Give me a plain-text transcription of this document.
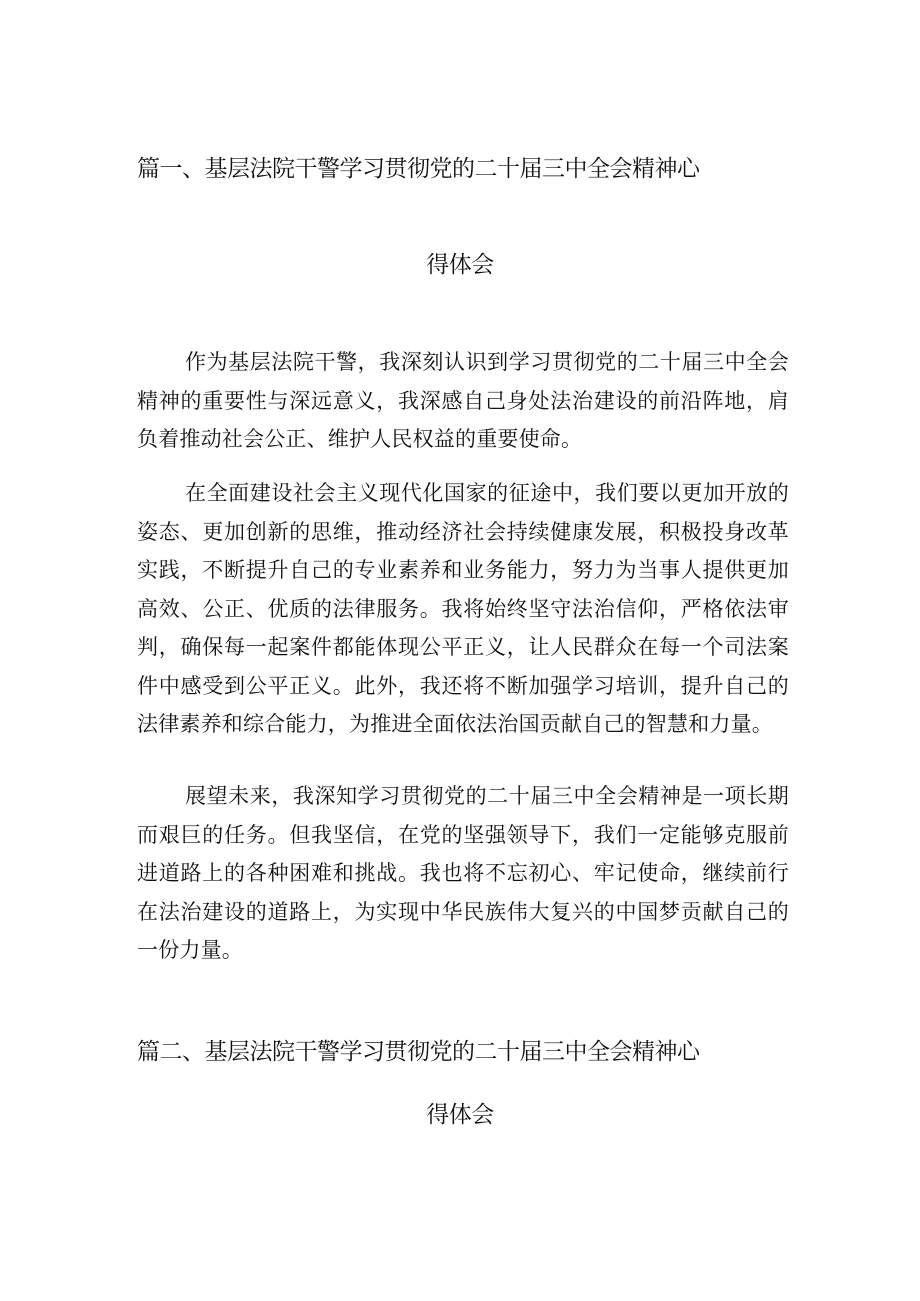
篇一、基层法院干警学习贯彻党的二十届三中全会精神心
得体会

作为基层法院干警，我深刻认识到学习贯彻党的二十届三中全会精神的重要性与深远意义，我深感自己身处法治建设的前沿阵地，肩负着推动社会公正、维护人民权益的重要使命。

在全面建设社会主义现代化国家的征途中，我们要以更加开放的姿态、更加创新的思维，推动经济社会持续健康发展，积极投身改革实践，不断提升自己的专业素养和业务能力，努力为当事人提供更加高效、公正、优质的法律服务。我将始终坚守法治信仰，严格依法审判，确保每一起案件都能体现公平正义，让人民群众在每一个司法案件中感受到公平正义。此外，我还将不断加强学习培训，提升自己的法律素养和综合能力，为推进全面依法治国贡献自己的智慧和力量。

展望未来，我深知学习贯彻党的二十届三中全会精神是一项长期而艰巨的任务。但我坚信，在党的坚强领导下，我们一定能够克服前进道路上的各种困难和挑战。我也将不忘初心、牢记使命，继续前行在法治建设的道路上，为实现中华民族伟大复兴的中国梦贡献自己的一份力量。

篇二、基层法院干警学习贯彻党的二十届三中全会精神心
得体会
